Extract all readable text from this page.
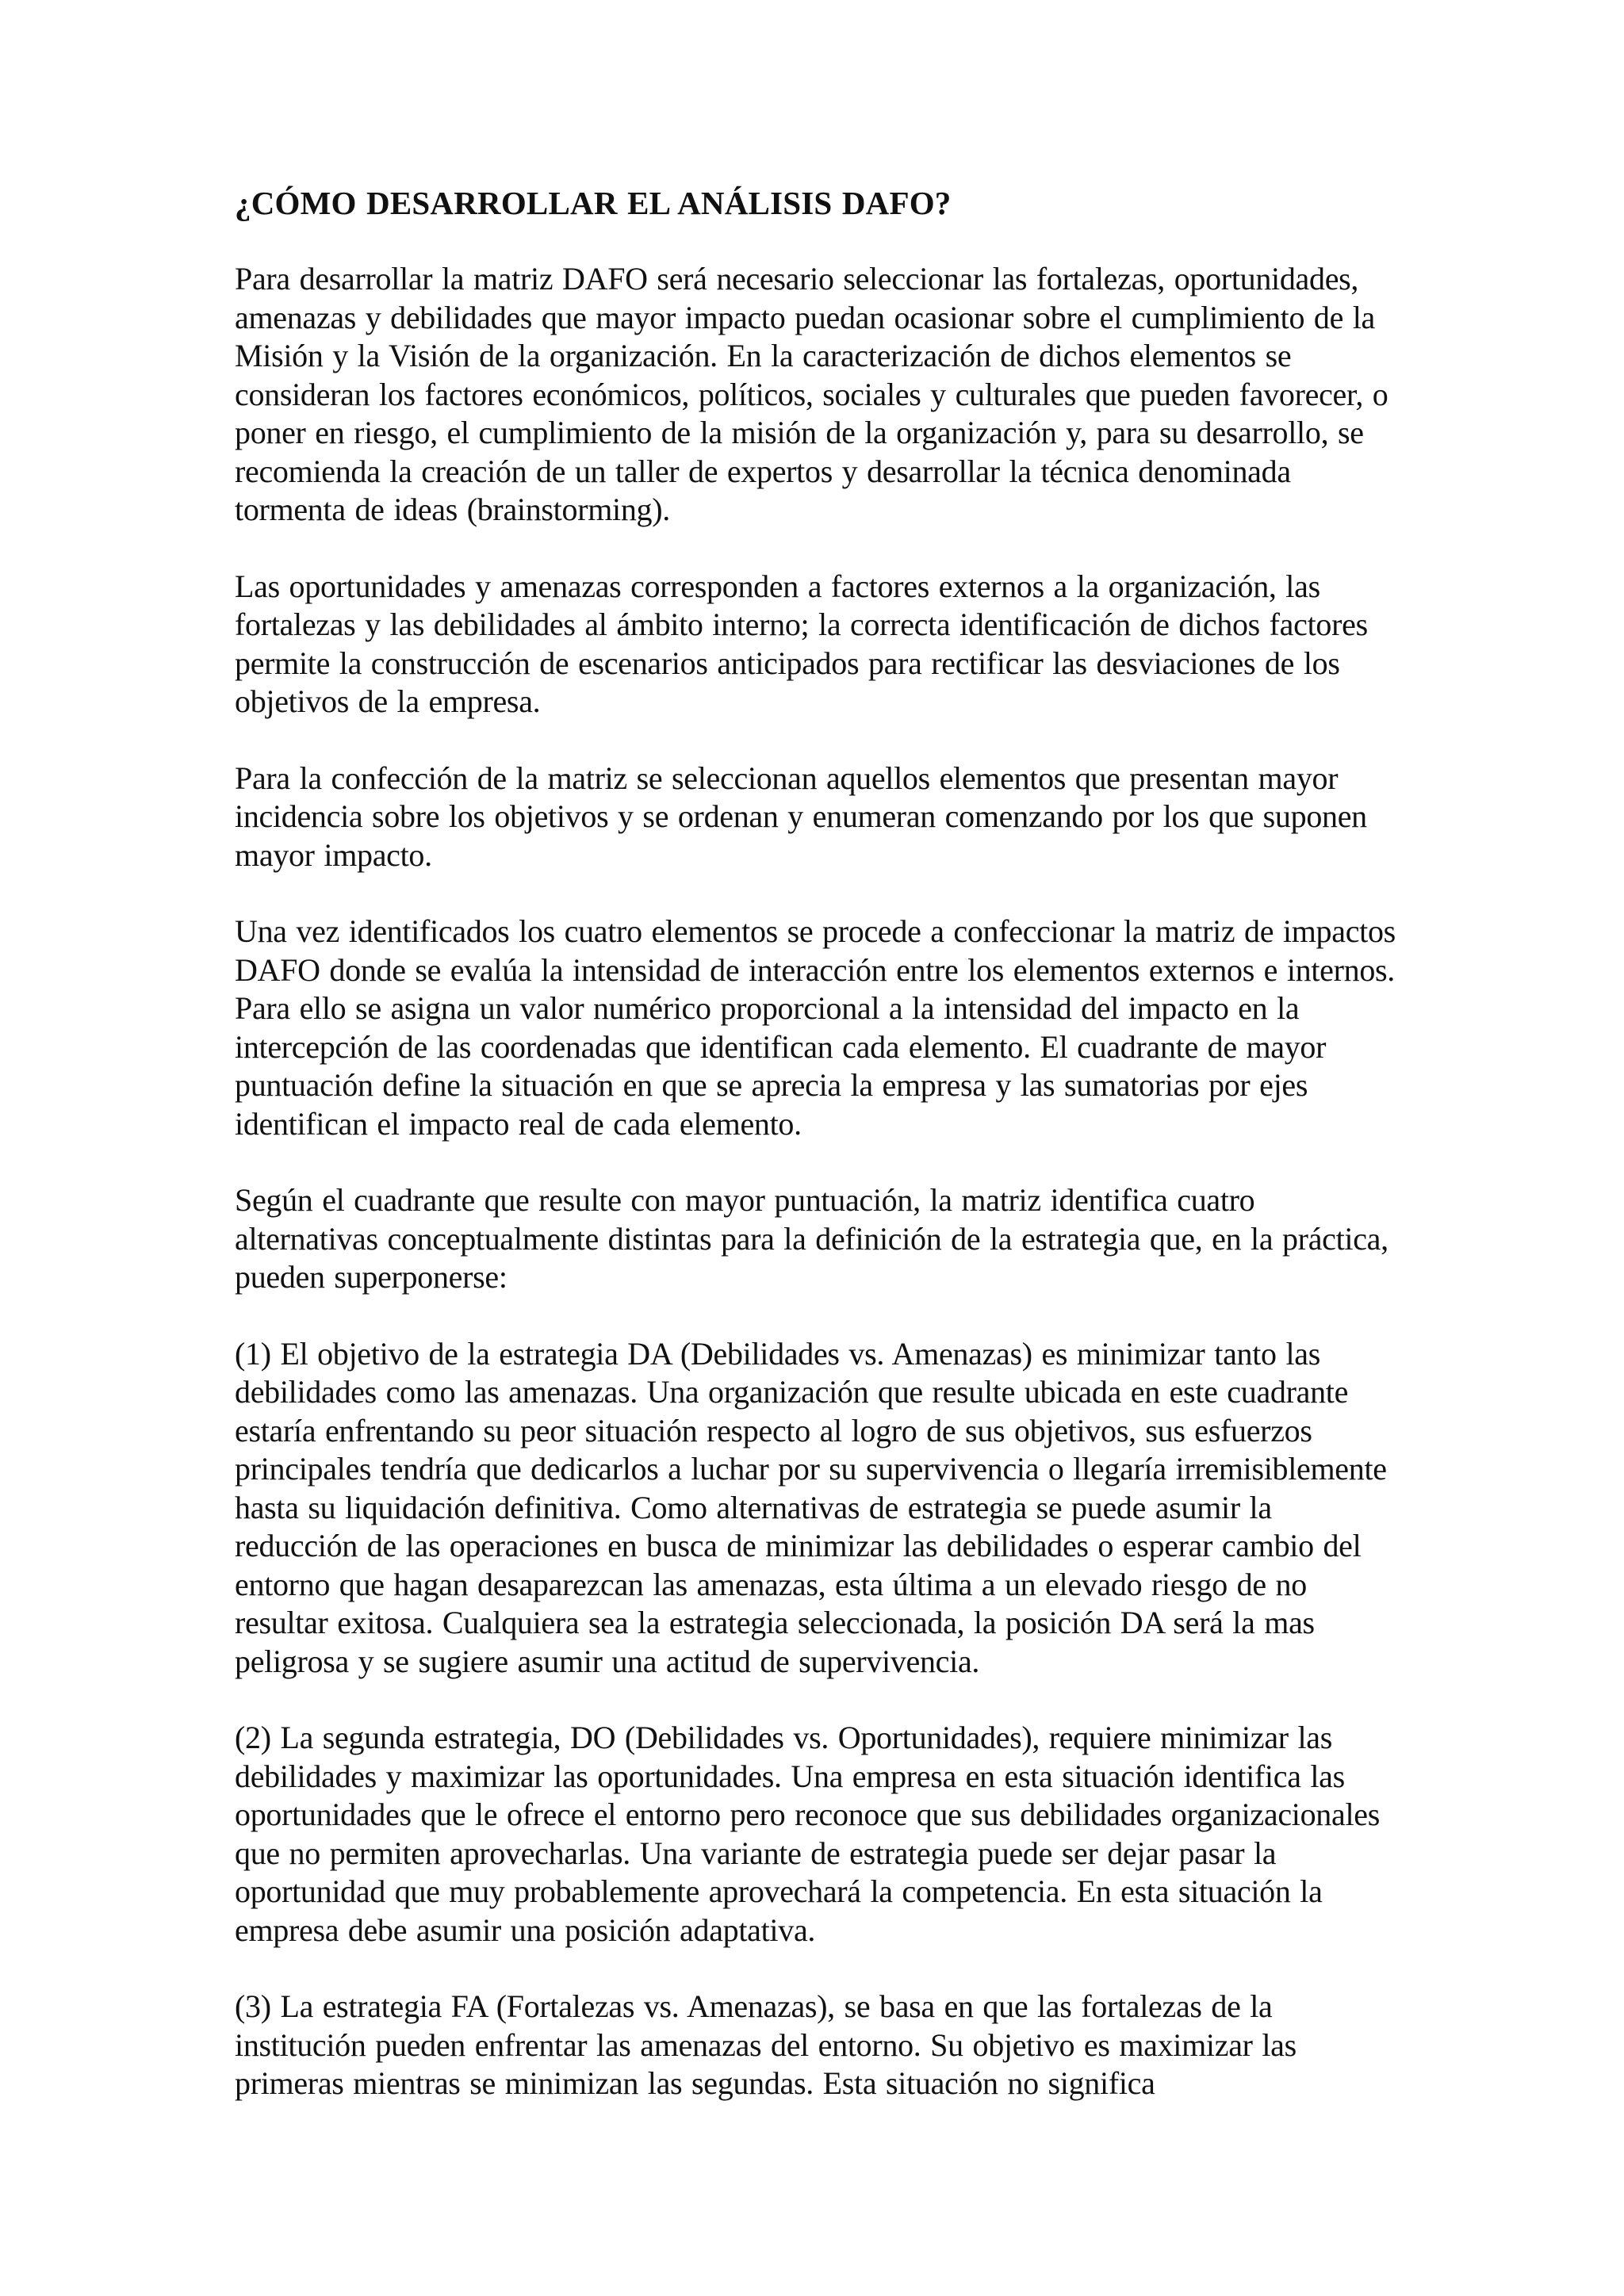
¿CÓMO DESARROLLAR EL ANÁLISIS DAFO?

Para desarrollar la matriz DAFO será necesario seleccionar las fortalezas, oportunidades, amenazas y debilidades que mayor impacto puedan ocasionar sobre el cumplimiento de la Misión y la Visión de la organización. En la caracterización de dichos elementos se consideran los factores económicos, políticos, sociales y culturales que pueden favorecer, o poner en riesgo, el cumplimiento de la misión de la organización y, para su desarrollo, se recomienda la creación de un taller de expertos y desarrollar la técnica denominada tormenta de ideas (brainstorming).

Las oportunidades y amenazas corresponden a factores externos a la organización, las fortalezas y las debilidades al ámbito interno; la correcta identificación de dichos factores permite la construcción de escenarios anticipados para rectificar las desviaciones de los objetivos de la empresa.

Para la confección de la matriz se seleccionan aquellos elementos que presentan mayor incidencia sobre los objetivos y se ordenan y enumeran comenzando por los que suponen mayor impacto.

Una vez identificados los cuatro elementos se procede a confeccionar la matriz de impactos DAFO donde se evalúa la intensidad de interacción entre los elementos externos e internos. Para ello se asigna un valor numérico proporcional a la intensidad del impacto en la intercepción de las coordenadas que identifican cada elemento. El cuadrante de mayor puntuación define la situación en que se aprecia la empresa y las sumatorias por ejes identifican el impacto real de cada elemento.

Según el cuadrante que resulte con mayor puntuación, la matriz identifica cuatro alternativas conceptualmente distintas para la definición de la estrategia que, en la práctica, pueden superponerse:

(1) El objetivo de la estrategia DA (Debilidades vs. Amenazas) es minimizar tanto las debilidades como las amenazas. Una organización que resulte ubicada en este cuadrante estaría enfrentando su peor situación respecto al logro de sus objetivos, sus esfuerzos principales tendría que dedicarlos a luchar por su supervivencia o llegaría irremisiblemente hasta su liquidación definitiva. Como alternativas de estrategia se puede asumir la reducción de las operaciones en busca de minimizar las debilidades o esperar cambio del entorno que hagan desaparezcan las amenazas, esta última a un elevado riesgo de no resultar exitosa. Cualquiera sea la estrategia seleccionada, la posición DA será la mas peligrosa y se sugiere asumir una actitud de supervivencia.

(2) La segunda estrategia, DO (Debilidades vs. Oportunidades), requiere minimizar las debilidades y maximizar las oportunidades. Una empresa en esta situación identifica las oportunidades que le ofrece el entorno pero reconoce que sus debilidades organizacionales que no permiten aprovecharlas. Una variante de estrategia puede ser dejar pasar la oportunidad que muy probablemente aprovechará la competencia. En esta situación la empresa debe asumir una posición adaptativa.

(3) La estrategia FA (Fortalezas vs. Amenazas), se basa en que las fortalezas de la institución pueden enfrentar las amenazas del entorno. Su objetivo es maximizar las primeras mientras se minimizan las segundas. Esta situación no significa
